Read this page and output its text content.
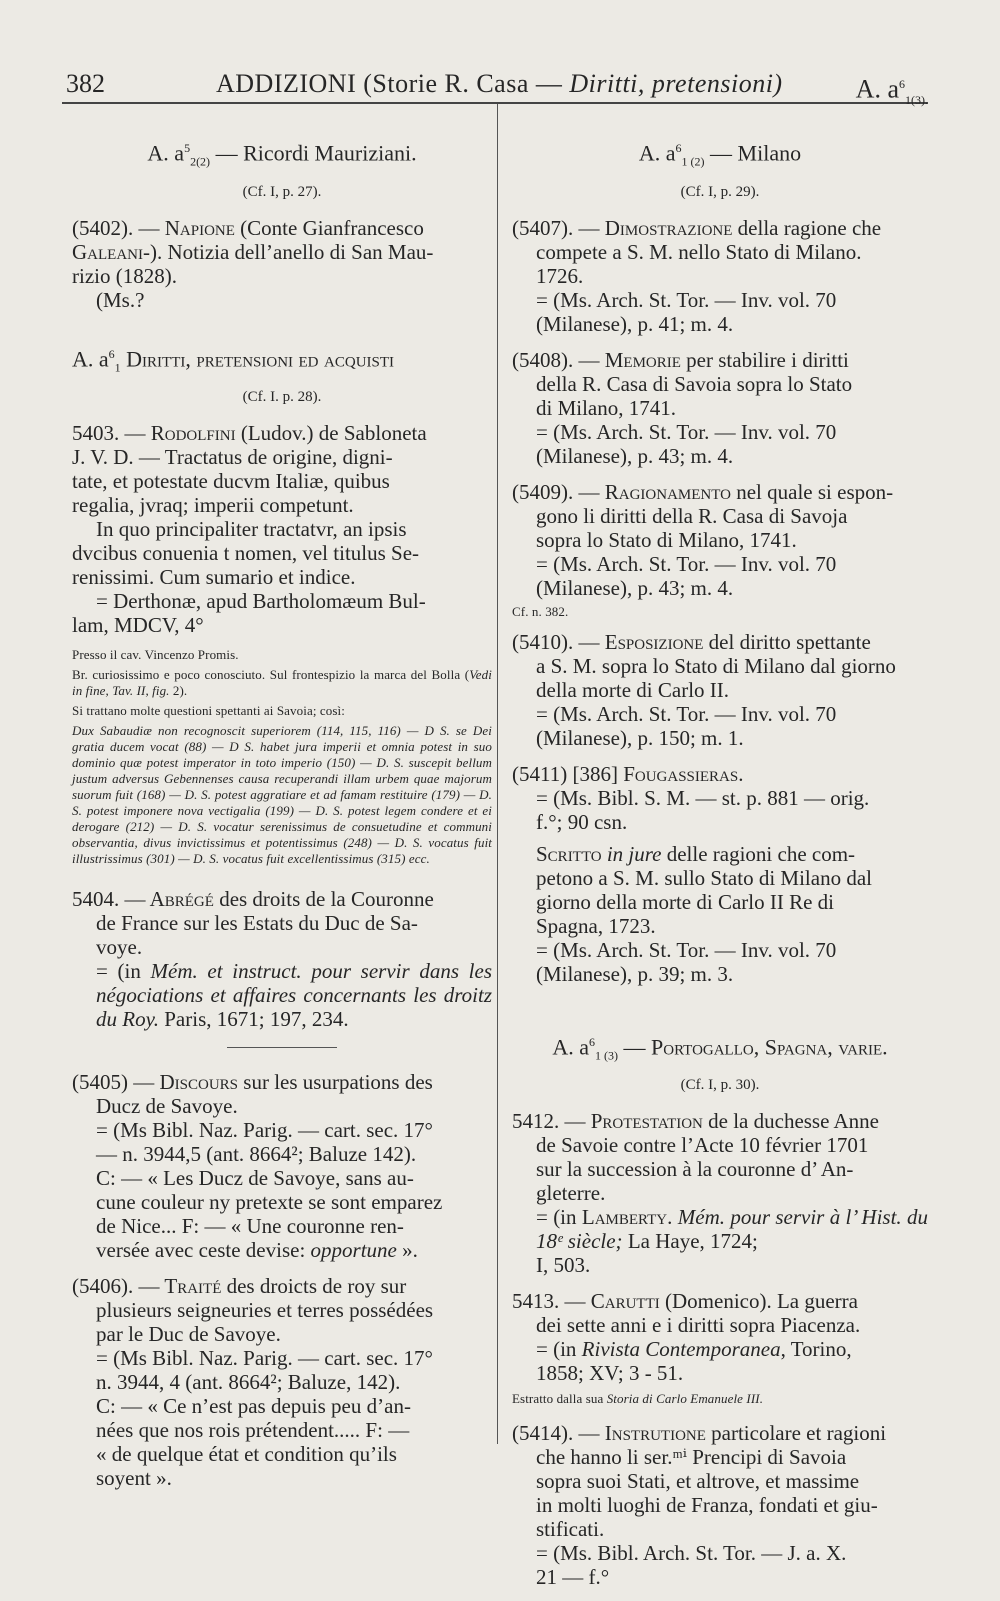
382	ADDIZIONI (Storie R. Casa — Diritti, pretensioni)	A. $a^6_{1(3).}$
A. $a^5_{2(2)}$ — Ricordi Mauriziani.
(Cf. I, p. 27).

(5402). — Napione (Conte Gianfrancesco

Galeani-). Notizia dell’anello di San Mau-

rizio (1828).

(Ms.?

A. $a^6_1$ Diritti, pretensioni ed acquisti
(Cf. I. p. 28).

5403. — Rodolfini (Ludov.) de Sabloneta

J. V. D. — Tractatus de origine, digni-

tate, et potestate ducvm Italiæ, quibus

regalia, jvraq; imperii competunt.

In quo principaliter tractatvr, an ipsis

dvcibus conuenia t nomen, vel titulus Se-

renissimi. Cum sumario et indice.

= Derthonæ, apud Bartholomæum Bul-

lam, MDCV, 4°

Presso il cav. Vincenzo Promis.
Br. curiosissimo e poco conosciuto. Sul frontespizio la marca del Bolla (Vedi in fine, Tav. II, fig. 2).
Si trattano molte questioni spettanti ai Savoia; così:
Dux Sabaudiæ non recognoscit superiorem (114, 115, 116) — D S. se Dei gratia ducem vocat (88) — D S. habet jura imperii et omnia potest in suo dominio quæ potest imperator in toto imperio (150) — D. S. suscepit bellum justum adversus Gebennenses causa recuperandi illam urbem quae majorum suorum fuit (168) — D. S. potest aggratiare et ad famam restituire (179) — D. S. potest imponere nova vectigalia (199) — D. S. potest legem condere et ei derogare (212) — D. S. vocatur serenissimus de consuetudine et communi observantia, divus invictissimus et potentissimus (248) — D. S. vocatus fuit illustrissimus (301) — D. S. vocatus fuit excellentissimus (315) ecc.

5404. — Abrégé des droits de la Couronne

de France sur les Estats du Duc de Sa-

voye.

= (in Mém. et instruct. pour servir dans les négociations et affaires concernants les droitz du Roy. Paris, 1671; 197, 234.

(5405) — Discours sur les usurpations des

Ducz de Savoye.

= (Ms Bibl. Naz. Parig. — cart. sec. 17°

— n. 3944,5 (ant. 8664²; Baluze 142).

C: — « Les Ducz de Savoye, sans au-

cune couleur ny pretexte se sont emparez

de Nice... F: — « Une couronne ren-

versée avec ceste devise: opportune ».

(5406). — Traité des droicts de roy sur

plusieurs seigneuries et terres possédées

par le Duc de Savoye.

= (Ms Bibl. Naz. Parig. — cart. sec. 17°

n. 3944, 4 (ant. 8664²; Baluze, 142).

C: — « Ce n’est pas depuis peu d’an-

nées que nos rois prétendent..... F: —

« de quelque état et condition qu’ils

soyent ».

A. $a^6_{1 (2)}$ — Milano
(Cf. I, p. 29).

(5407). — Dimostrazione della ragione che

compete a S. M. nello Stato di Milano.

1726.

= (Ms. Arch. St. Tor. — Inv. vol. 70

(Milanese), p. 41; m. 4.

(5408). — Memorie per stabilire i diritti

della R. Casa di Savoia sopra lo Stato

di Milano, 1741.

= (Ms. Arch. St. Tor. — Inv. vol. 70

(Milanese), p. 43; m. 4.

(5409). — Ragionamento nel quale si espon-

gono li diritti della R. Casa di Savoja

sopra lo Stato di Milano, 1741.

= (Ms. Arch. St. Tor. — Inv. vol. 70

(Milanese), p. 43; m. 4.

Cf. n. 382.

(5410). — Esposizione del diritto spettante

a S. M. sopra lo Stato di Milano dal giorno

della morte di Carlo II.

= (Ms. Arch. St. Tor. — Inv. vol. 70

(Milanese), p. 150; m. 1.

(5411) [386] Fougassieras.

= (Ms. Bibl. S. M. — st. p. 881 — orig.

f.°; 90 csn.

Scritto in jure delle ragioni che com-

petono a S. M. sullo Stato di Milano dal

giorno della morte di Carlo II Re di

Spagna, 1723.

= (Ms. Arch. St. Tor. — Inv. vol. 70

(Milanese), p. 39; m. 3.

A. $a^6_{1 (3)}$ — Portogallo, Spagna, varie.
(Cf. I, p. 30).

5412. — Protestation de la duchesse Anne

de Savoie contre l’Acte 10 février 1701

sur la succession à la couronne d’ An-

gleterre.

= (in Lamberty. Mém. pour servir à l’ Hist. du 18ᵉ siècle; La Haye, 1724;

I, 503.

5413. — Carutti (Domenico). La guerra

dei sette anni e i diritti sopra Piacenza.

= (in Rivista Contemporanea, Torino,

1858; XV; 3 - 51.

Estratto dalla sua Storia di Carlo Emanuele III.

(5414). — Instrutione particolare et ragioni

che hanno li ser.ᵐⁱ Prencipi di Savoia

sopra suoi Stati, et altrove, et massime

in molti luoghi de Franza, fondati et giu-

stificati.

= (Ms. Bibl. Arch. St. Tor. — J. a. X.

21 — f.°
